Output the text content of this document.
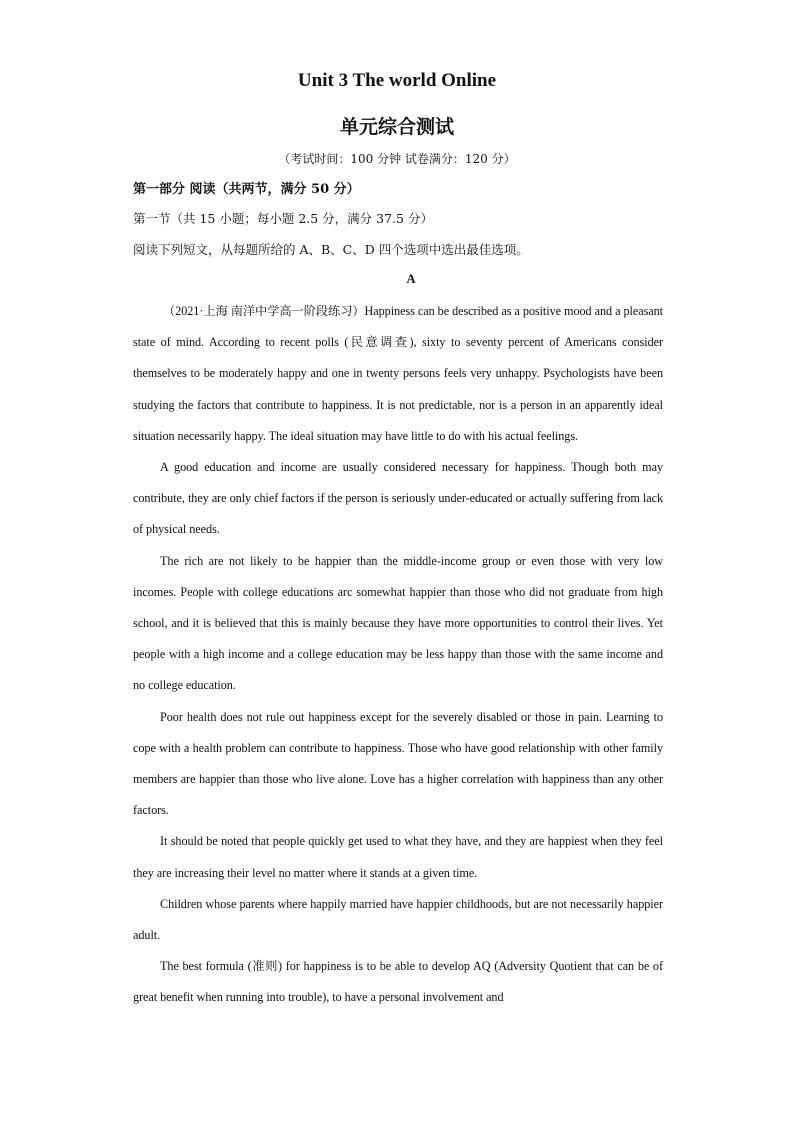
Unit 3 The world Online
单元综合测试
（考试时间：100 分钟 试卷满分：120 分）
第一部分 阅读（共两节，满分 50 分）
第一节（共 15 小题；每小题 2.5 分，满分 37.5 分）
阅读下列短文，从每题所给的 A、B、C、D 四个选项中选出最佳选项。
A

（2021·上海 南洋中学高一阶段练习）Happiness can be described as a positive mood and a pleasant state of mind. According to recent polls (民意调查), sixty to seventy percent of Americans consider themselves to be moderately happy and one in twenty persons feels very unhappy. Psychologists have been studying the factors that contribute to happiness. It is not predictable, nor is a person in an apparently ideal situation necessarily happy. The ideal situation may have little to do with his actual feelings.

A good education and income are usually considered necessary for happiness. Though both may contribute, they are only chief factors if the person is seriously under-educated or actually suffering from lack of physical needs.

The rich are not likely to be happier than the middle-income group or even those with very low incomes. People with college educations arc somewhat happier than those who did not graduate from high school, and it is believed that this is mainly because they have more opportunities to control their lives. Yet people with a high income and a college education may be less happy than those with the same income and no college education.

Poor health does not rule out happiness except for the severely disabled or those in pain. Learning to cope with a health problem can contribute to happiness. Those who have good relationship with other family members are happier than those who live alone. Love has a higher correlation with happiness than any other factors.

It should be noted that people quickly get used to what they have, and they are happiest when they feel they are increasing their level no matter where it stands at a given time.

Children whose parents where happily married have happier childhoods, but are not necessarily happier adult.

The best formula (准则) for happiness is to be able to develop AQ (Adversity Quotient that can be of great benefit when running into trouble), to have a personal involvement and
